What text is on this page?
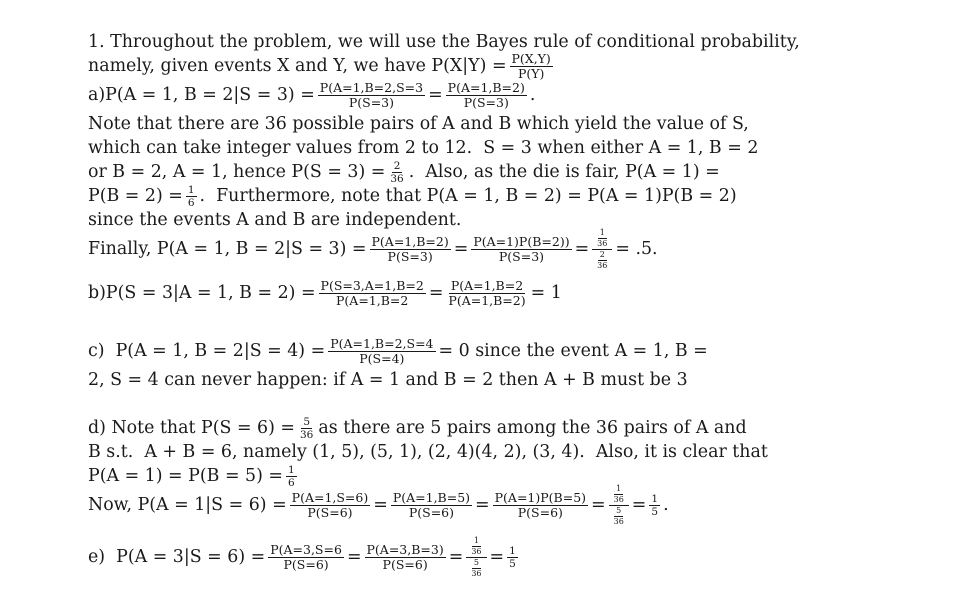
1. Throughout the problem, we will use the Bayes rule of conditional probability,
namely, given events X and Y, we have $P(X|Y) = \frac{P(X,Y)}{P(Y)}$
a)P(A = 1, $B = 2|S = 3) = \frac{P(A=1,B=2,S=3}{P(S=3)} = \frac{P(A=1,B=2)}{P(S=3)}$ .
Note that there are 36 possible pairs of A and B which yield the value of S,
which can take integer values from 2 to 12.  S = 3 when either A = 1, B = 2
or B = 2, A = 1, hence $P(S = 3) = \frac{2}{36}$ .  Also, as the die is fair, P(A = 1) =
$P(B = 2) = \frac{1}{6}$ .  Furthermore, note that P(A = 1, B = 2) = P(A = 1)P(B = 2)
since the events A and B are independent.
Finally, P(A = 1, $B = 2|S = 3) = \frac{P(A=1,B=2)}{P(S=3)} = \frac{P(A=1)P(B=2))}{P(S=3)} = \frac{\frac{1}{36}}{\frac{2}{36}} = .5$.
b)P(S = 3|A = 1, $B = 2) = \frac{P(S=3,A=1,B=2}{P(A=1,B=2} = \frac{P(A=1,B=2}{P(A=1,B=2)} = 1$
c)  P(A = 1, $B = 2|S = 4) = \frac{P(A=1,B=2,S=4}{P(S=4)} = 0$ since the event A = 1, B =
2, S = 4 can never happen: if A = 1 and B = 2 then A + B must be 3
d) Note that $P(S = 6) = \frac{5}{36}$ as there are 5 pairs among the 36 pairs of A and
B s.t.  A + B = 6, namely (1, 5), (5, 1), (2, 4)(4, 2), (3, 4).  Also, it is clear that
$P(A = 1) = P(B = 5) = \frac{1}{6}$
Now, $P(A = 1|S = 6) = \frac{P(A=1,S=6)}{P(S=6)} = \frac{P(A=1,B=5)}{P(S=6)} = \frac{P(A=1)P(B=5)}{P(S=6)} = \frac{\frac{1}{36}}{\frac{5}{36}} = \frac{1}{5}$ .
e)  $P(A = 3|S = 6) = \frac{P(A=3,S=6}{P(S=6)} = \frac{P(A=3,B=3)}{P(S=6)} = \frac{\frac{1}{36}}{\frac{5}{36}} = \frac{1}{5}$
